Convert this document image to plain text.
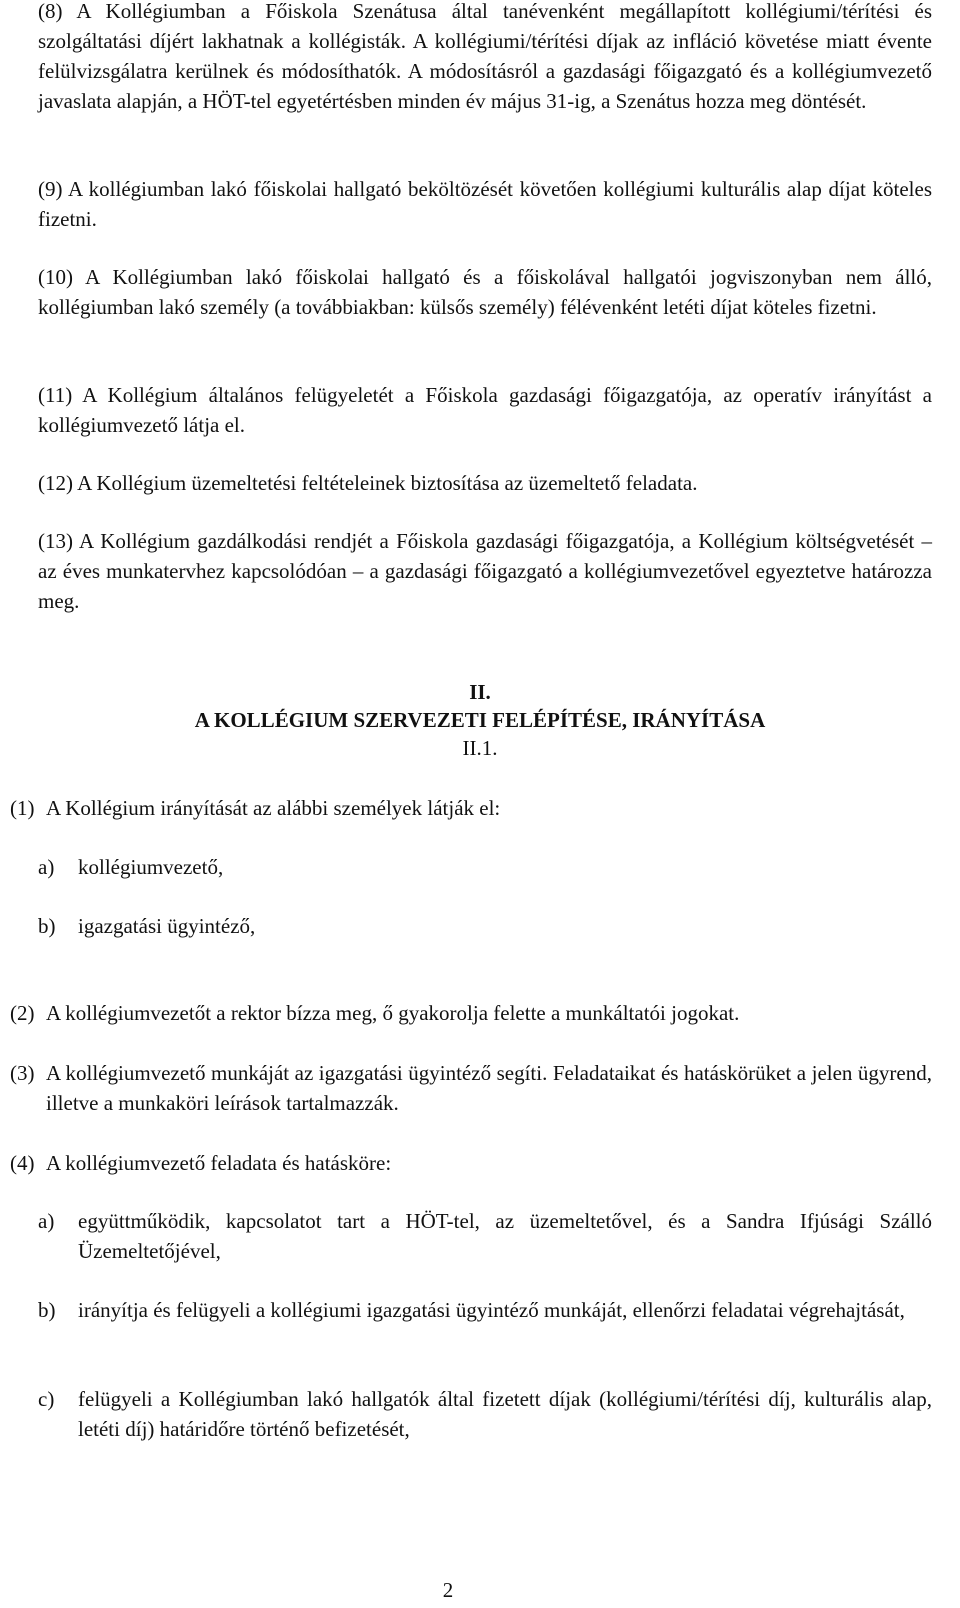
(8) A Kollégiumban a Főiskola Szenátusa által tanévenként megállapított kollégiumi/térítési és szolgáltatási díjért lakhatnak a kollégisták. A kollégiumi/térítési díjak az infláció követése miatt évente felülvizsgálatra kerülnek és módosíthatók. A módosításról a gazdasági főigazgató és a kollégiumvezető javaslata alapján, a HÖT-tel egyetértésben minden év május 31-ig, a Szenátus hozza meg döntését.

(9) A kollégiumban lakó főiskolai hallgató beköltözését követően kollégiumi kulturális alap díjat köteles fizetni.

(10) A Kollégiumban lakó főiskolai hallgató és a főiskolával hallgatói jogviszonyban nem álló, kollégiumban lakó személy (a továbbiakban: külsős személy) félévenként letéti díjat köteles fizetni.

(11) A Kollégium általános felügyeletét a Főiskola gazdasági főigazgatója, az operatív irányítást a kollégiumvezető látja el.

(12) A Kollégium üzemeltetési feltételeinek biztosítása az üzemeltető feladata.

(13) A Kollégium gazdálkodási rendjét a Főiskola gazdasági főigazgatója, a Kollégium költségvetését – az éves munkatervhez kapcsolódóan – a gazdasági főigazgató a kollégiumvezetővel egyeztetve határozza meg.

II.

A KOLLÉGIUM SZERVEZETI FELÉPÍTÉSE, IRÁNYÍTÁSA

II.1.

(1) A Kollégium irányítását az alábbi személyek látják el:

a) kollégiumvezető,

b) igazgatási ügyintéző,

(2) A kollégiumvezetőt a rektor bízza meg, ő gyakorolja felette a munkáltatói jogokat.

(3) A kollégiumvezető munkáját az igazgatási ügyintéző segíti. Feladataikat és hatáskörüket a jelen ügyrend, illetve a munkaköri leírások tartalmazzák.

(4) A kollégiumvezető feladata és hatásköre:

a) együttműködik, kapcsolatot tart a HÖT-tel, az üzemeltetővel, és a Sandra Ifjúsági Szálló Üzemeltetőjével,

b) irányítja és felügyeli a kollégiumi igazgatási ügyintéző munkáját, ellenőrzi feladatai végrehajtását,

c) felügyeli a Kollégiumban lakó hallgatók által fizetett díjak (kollégiumi/térítési díj, kulturális alap, letéti díj) határidőre történő befizetését,

2
